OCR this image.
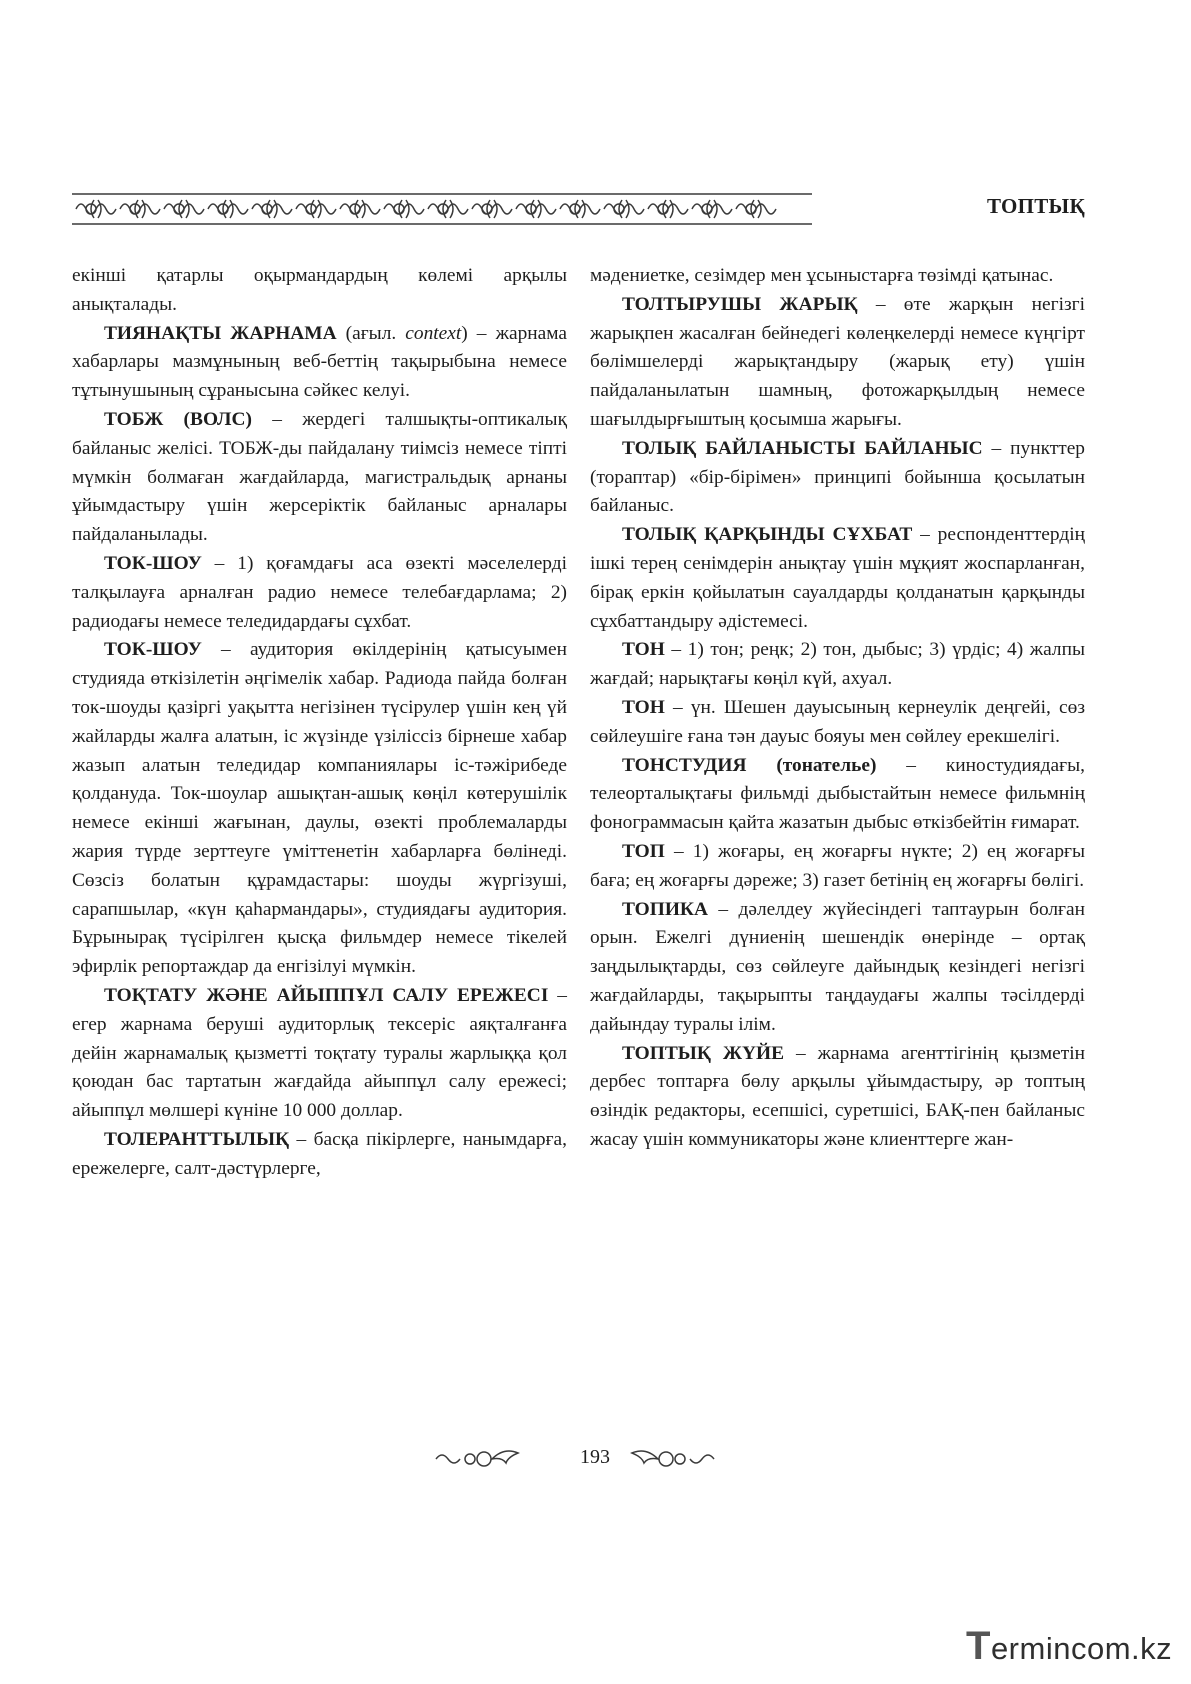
ТОПТЫҚ

екінші қатарлы оқырмандардың көлемі арқылы анықталады.

ТИЯНАҚТЫ ЖАРНАМА (ағыл. context) – жарнама хабарлары мазмұнының веб-беттің тақырыбына немесе тұтынушының сұранысына сәйкес келуі.

ТОБЖ (ВОЛС) – жердегі талшықты-оптикалық байланыс желісі. ТОБЖ-ды пайдалану тиімсіз немесе тіпті мүмкін болмаған жағдайларда, магистральдық арнаны ұйымдастыру үшін жерсеріктік байланыс арналары пайдаланылады.

ТОК-ШОУ – 1) қоғамдағы аса өзекті мәселелерді талқылауға арналған радио немесе телебағдарлама; 2) радиодағы немесе теледидардағы сұхбат.

ТОК-ШОУ – аудитория өкілдерінің қатысуымен студияда өткізілетін әңгімелік хабар. Радиода пайда болған ток-шоуды қазіргі уақытта негізінен түсірулер үшін кең үй жайларды жалға алатын, іс жүзінде үзіліссіз бірнеше хабар жазып алатын теледидар компаниялары іс-тәжірибеде қолдануда. Ток-шоулар ашықтан-ашық көңіл көтерушілік немесе екінші жағынан, даулы, өзекті проблемаларды жария түрде зерттеуге үміттенетін хабарларға бөлінеді. Сөзсіз болатын құрамдастары: шоуды жүргізуші, сарапшылар, «күн қаһармандары», студиядағы аудитория. Бұрынырақ түсірілген қысқа фильмдер немесе тікелей эфирлік репортаждар да енгізілуі мүмкін.

ТОҚТАТУ ЖӘНЕ АЙЫППҰЛ САЛУ ЕРЕЖЕСІ – егер жарнама беруші аудиторлық тексеріс аяқталғанға дейін жарнамалық қызметті тоқтату туралы жарлыққа қол қоюдан бас тартатын жағдайда айыппұл салу ережесі; айыппұл мөлшері күніне 10 000 доллар.

ТОЛЕРАНТТЫЛЫҚ – басқа пікірлерге, нанымдарға, ережелерге, салт-дәстүрлерге,

мәдениетке, сезімдер мен ұсыныстарға төзімді қатынас.

ТОЛТЫРУШЫ ЖАРЫҚ – өте жарқын негізгі жарықпен жасалған бейнедегі көлеңкелерді немесе күңгірт бөлімшелерді жарықтандыру (жарық ету) үшін пайдаланылатын шамның, фотожарқылдың немесе шағылдырғыштың қосымша жарығы.

ТОЛЫҚ БАЙЛАНЫСТЫ БАЙЛАНЫС – пункттер (тораптар) «бір-бірімен» принципі бойынша қосылатын байланыс.

ТОЛЫҚ ҚАРҚЫНДЫ СҰХБАТ – респонденттердің ішкі терең сенімдерін анықтау үшін мұқият жоспарланған, бірақ еркін қойылатын сауалдарды қолданатын қарқынды сұхбаттандыру әдістемесі.

ТОН – 1) тон; реңк; 2) тон, дыбыс; 3) үрдіс; 4) жалпы жағдай; нарықтағы көңіл күй, ахуал.

ТОН – үн. Шешен дауысының кернеулік деңгейі, сөз сөйлеушіге ғана тән дауыс бояуы мен сөйлеу ерекшелігі.

ТОНСТУДИЯ (тонателье) – киностудиядағы, телеорталықтағы фильмді дыбыстайтын немесе фильмнің фонограммасын қайта жазатын дыбыс өткізбейтін ғимарат.

ТОП – 1) жоғары, ең жоғарғы нүкте; 2) ең жоғарғы баға; ең жоғарғы дәреже; 3) газет бетінің ең жоғарғы бөлігі.

ТОПИКА – дәлелдеу жүйесіндегі таптаурын болған орын. Ежелгі дүниенің шешендік өнерінде – ортақ заңдылықтарды, сөз сөйлеуге дайындық кезіндегі негізгі жағдайларды, тақырыпты таңдаудағы жалпы тәсілдерді дайындау туралы ілім.

ТОПТЫҚ ЖҮЙЕ – жарнама агенттігінің қызметін дербес топтарға бөлу арқылы ұйымдастыру, әр топтың өзіндік редакторы, есепшісі, суретшісі, БАҚ-пен байланыс жасау үшін коммуникаторы және клиенттерге жан-

193
Termincom.kz
